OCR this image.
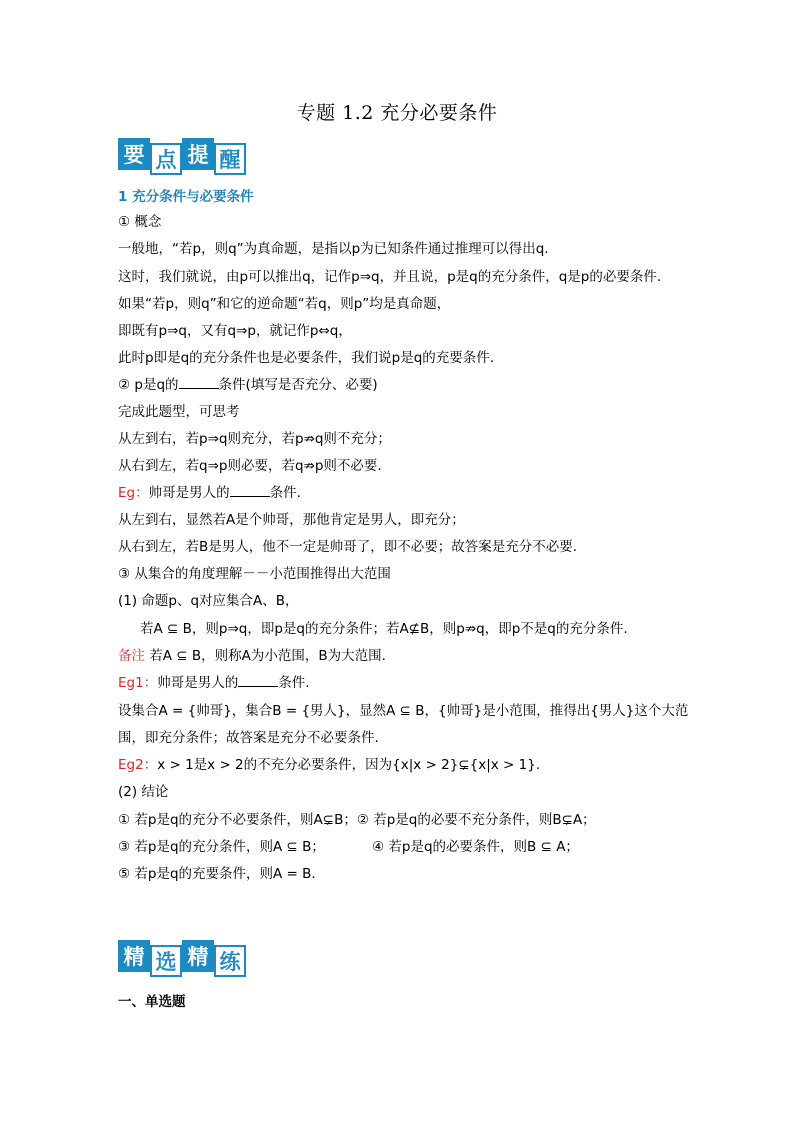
专题 1.2 充分必要条件
要 点 提 醒
1 充分条件与必要条件
① 概念
一般地，“若p，则q”为真命题，是指以p为已知条件通过推理可以得出q.
这时，我们就说，由p可以推出q，记作p⇒q，并且说，p是q的充分条件，q是p的必要条件.
如果“若p，则q”和它的逆命题“若q，则p”均是真命题，
即既有p⇒q，又有q⇒p，就记作p⇔q，
此时p即是q的充分条件也是必要条件，我们说p是q的充要条件.
② p是q的	条件(填写是否充分、必要)
完成此题型，可思考
从左到右，若p⇒q则充分，若p⇏q则不充分；
从右到左，若q⇒p则必要，若q⇏p则不必要.
Eg：帅哥是男人的	条件.
从左到右，显然若A是个帅哥，那他肯定是男人，即充分；
从右到左，若B是男人，他不一定是帅哥了，即不必要；故答案是充分不必要.
③ 从集合的角度理解－－小范围推得出大范围
(1) 命题p、q对应集合A、B，
若A ⊆ B，则p⇒q，即p是q的充分条件；若A⊈B，则p⇏q，即p不是q的充分条件.
备注 若A ⊆ B，则称A为小范围，B为大范围.
Eg1：帅哥是男人的	条件.
设集合A = {帅哥}，集合B = {男人}，显然A ⊆ B，{帅哥}是小范围，推得出{男人}这个大范
围，即充分条件；故答案是充分不必要条件.
Eg2：x > 1是x > 2的不充分必要条件，因为{x|x > 2}⊊{x|x > 1}.
(2) 结论
① 若p是q的充分不必要条件，则A⊊B；② 若p是q的必要不充分条件，则B⊊A；
③ 若p是q的充分条件，则A ⊆ B；	④ 若p是q的必要条件，则B ⊆ A；
⑤ 若p是q的充要条件，则A = B.
精 选 精 练
一、单选题
